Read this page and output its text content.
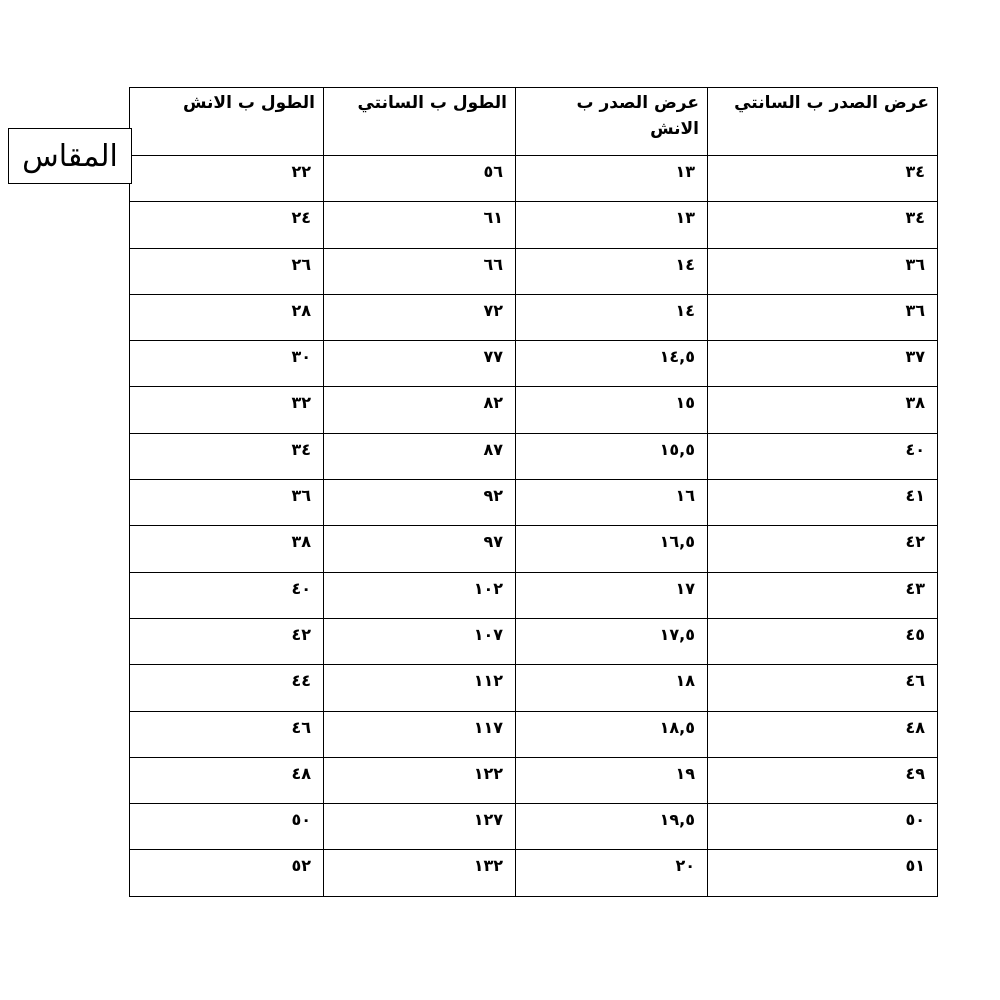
المقاس
عرض الصدر ب السانتي	عرض الصدر ب الانش	الطول ب السانتي	الطول ب الانش
٣٤	١٣	٥٦	٢٢
٣٤	١٣	٦١	٢٤
٣٦	١٤	٦٦	٢٦
٣٦	١٤	٧٢	٢٨
٣٧	١٤,٥	٧٧	٣٠
٣٨	١٥	٨٢	٣٢
٤٠	١٥,٥	٨٧	٣٤
٤١	١٦	٩٢	٣٦
٤٢	١٦,٥	٩٧	٣٨
٤٣	١٧	١٠٢	٤٠
٤٥	١٧,٥	١٠٧	٤٢
٤٦	١٨	١١٢	٤٤
٤٨	١٨,٥	١١٧	٤٦
٤٩	١٩	١٢٢	٤٨
٥٠	١٩,٥	١٢٧	٥٠
٥١	٢٠	١٣٢	٥٢
